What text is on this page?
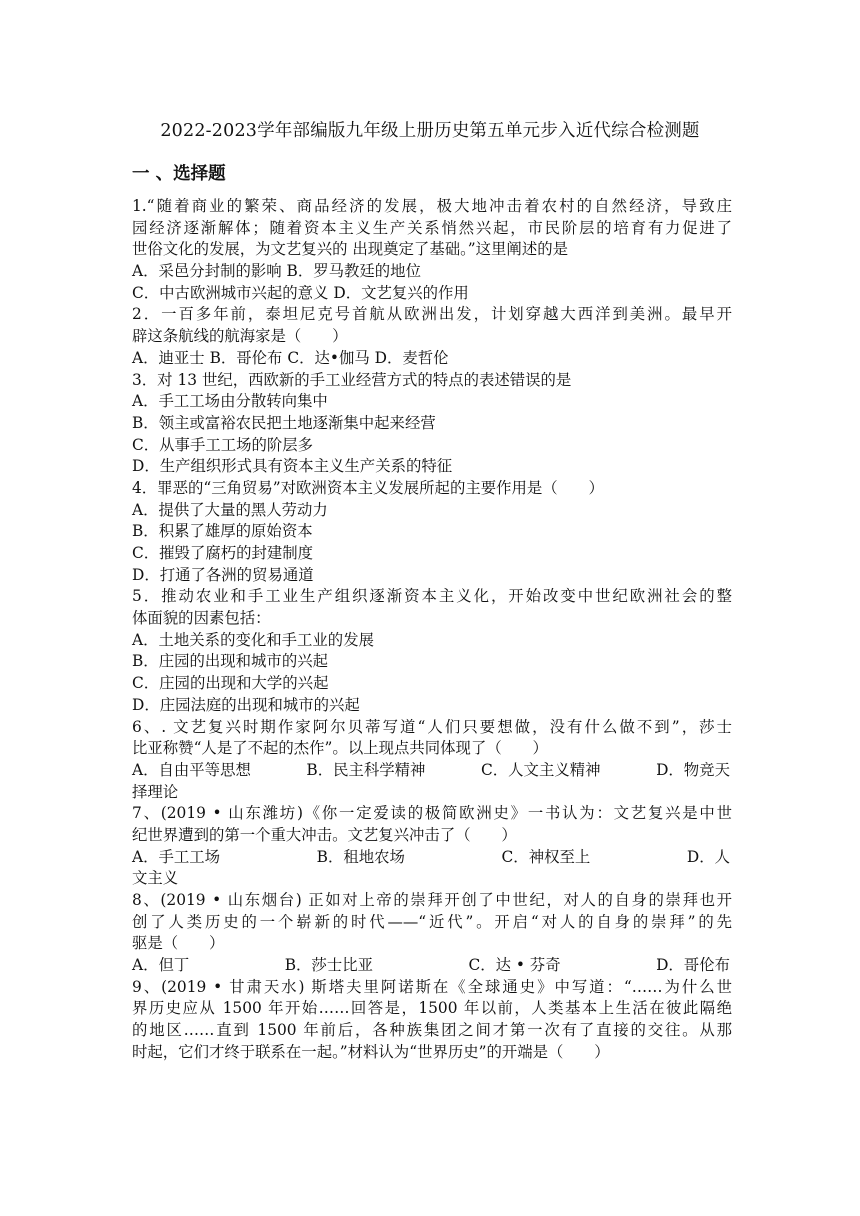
2022-2023学年部编版九年级上册历史第五单元步入近代综合检测题
一 、选择题
1.“随着商业的繁荣、商品经济的发展，极大地冲击着农村的自然经济，导致庄
园经济逐渐解体；随着资本主义生产关系悄然兴起，市民阶层的培育有力促进了
世俗文化的发展，为文艺复兴的 出现奠定了基础。”这里阐述的是
A．采邑分封制的影响 B．罗马教廷的地位
C．中古欧洲城市兴起的意义 D．文艺复兴的作用
2．一百多年前，泰坦尼克号首航从欧洲出发，计划穿越大西洋到美洲。最早开
辟这条航线的航海家是（　　）
A．迪亚士 B．哥伦布 C．达•伽马 D．麦哲伦
3．对 13 世纪，西欧新的手工业经营方式的特点的表述错误的是
A．手工工场由分散转向集中
B．领主或富裕农民把土地逐渐集中起来经营
C．从事手工工场的阶层多
D．生产组织形式具有资本主义生产关系的特征
4．罪恶的“三角贸易”对欧洲资本主义发展所起的主要作用是（　　）
A．提供了大量的黑人劳动力
B．积累了雄厚的原始资本
C．摧毁了腐朽的封建制度
D．打通了各洲的贸易通道
5．推动农业和手工业生产组织逐渐资本主义化，开始改变中世纪欧洲社会的整
体面貌的因素包括：
A．土地关系的变化和手工业的发展
B．庄园的出现和城市的兴起
C．庄园的出现和大学的兴起
D．庄园法庭的出现和城市的兴起
6、. 文艺复兴时期作家阿尔贝蒂写道“人们只要想做，没有什么做不到”，莎士
比亚称赞“人是了不起的杰作”。以上现点共同体现了（　　）
A．自由平等思想	B．民主科学精神	C．人文主义精神	D．物竞天
择理论
7、(2019 • 山东潍坊)《你一定爱读的极简欧洲史》一书认为：文艺复兴是中世
纪世界遭到的第一个重大冲击。文艺复兴冲击了（　　）
A．手工工场	B．租地农场	C．神权至上	D．人
文主义
8、(2019 • 山东烟台) 正如对上帝的崇拜开创了中世纪，对人的自身的崇拜也开
创了人类历史的一个崭新的时代——“近代”。开启“对人的自身的崇拜”的先
驱是（　　）
A．但丁	B．莎士比亚	C．达 • 芬奇	D．哥伦布
9、(2019 • 甘肃天水) 斯塔夫里阿诺斯在《全球通史》中写道：“……为什么世
界历史应从 1500 年开始……回答是，1500 年以前，人类基本上生活在彼此隔绝
的地区……直到 1500 年前后，各种族集团之间才第一次有了直接的交往。从那
时起，它们才终于联系在一起。”材料认为“世界历史”的开端是（　　）
